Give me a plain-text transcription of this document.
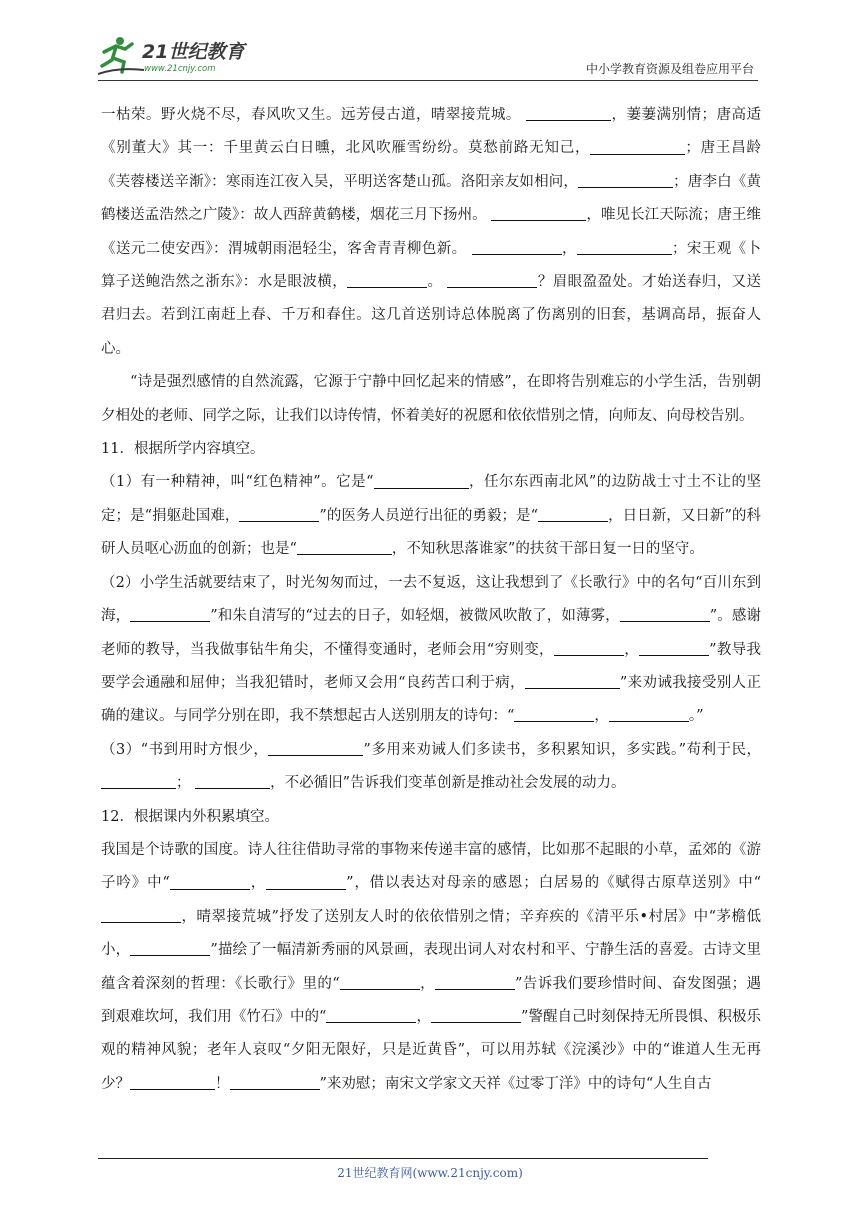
21世纪教育
www.21cnjy.com	中小学教育资源及组卷应用平台

一枯荣。野火烧不尽，春风吹又生。远芳侵古道，晴翠接荒城。	，萋萋满别情；唐高适《别董大》其一：千里黄云白日曛，北风吹雁雪纷纷。莫愁前路无知己，	；唐王昌龄《芙蓉楼送辛渐》：寒雨连江夜入吴，平明送客楚山孤。洛阳亲友如相问，	；唐李白《黄鹤楼送孟浩然之广陵》：故人西辞黄鹤楼，烟花三月下扬州。	，唯见长江天际流；唐王维《送元二使安西》：渭城朝雨浥轻尘，客舍青青柳色新。	，	；宋王观《卜算子送鲍浩然之浙东》：水是眼波横，	。	？眉眼盈盈处。才始送春归，又送君归去。若到江南赶上春、千万和春住。这几首送别诗总体脱离了伤离别的旧套，基调高昂，振奋人心。

“诗是强烈感情的自然流露，它源于宁静中回忆起来的情感”，在即将告别难忘的小学生活，告别朝夕相处的老师、同学之际，让我们以诗传情，怀着美好的祝愿和依依惜别之情，向师友、向母校告别。

11．根据所学内容填空。

（1）有一种精神，叫“红色精神”。它是“	，任尔东西南北风”的边防战士寸土不让的坚定；是“捐躯赴国难，	”的医务人员逆行出征的勇毅；是“	，日日新，又日新”的科研人员呕心沥血的创新；也是“	，不知秋思落谁家”的扶贫干部日复一日的坚守。

（2）小学生活就要结束了，时光匆匆而过，一去不复返，这让我想到了《长歌行》中的名句“百川东到海，	”和朱自清写的“过去的日子，如轻烟，被微风吹散了，如薄雾，	”。感谢老师的教导，当我做事钻牛角尖，不懂得变通时，老师会用“穷则变，	，	”教导我要学会通融和屈伸；当我犯错时，老师又会用“良药苦口利于病，	”来劝诫我接受别人正确的建议。与同学分别在即，我不禁想起古人送别朋友的诗句：“	，	。”

（3）“书到用时方恨少，	”多用来劝诫人们多读书，多积累知识，多实践。”苟利于民，；	，不必循旧”告诉我们变革创新是推动社会发展的动力。

12．根据课内外积累填空。

我国是个诗歌的国度。诗人往往借助寻常的事物来传递丰富的感情，比如那不起眼的小草，孟郊的《游子吟》中“	，	”，借以表达对母亲的感恩；白居易的《赋得古原草送别》中“，晴翠接荒城”抒发了送别友人时的依依惜别之情；辛弃疾的《清平乐•村居》中“茅檐低小，	”描绘了一幅清新秀丽的风景画，表现出词人对农村和平、宁静生活的喜爱。古诗文里蕴含着深刻的哲理：《长歌行》里的“	，	”告诉我们要珍惜时间、奋发图强；遇到艰难坎坷，我们用《竹石》中的“	，	”警醒自己时刻保持无所畏惧、积极乐观的精神风貌；老年人哀叹“夕阳无限好，只是近黄昏”，可以用苏轼《浣溪沙》中的“谁道人生无再少？	！	”来劝慰；南宋文学家文天祥《过零丁洋》中的诗句“人生自古

21世纪教育网(www.21cnjy.com)
